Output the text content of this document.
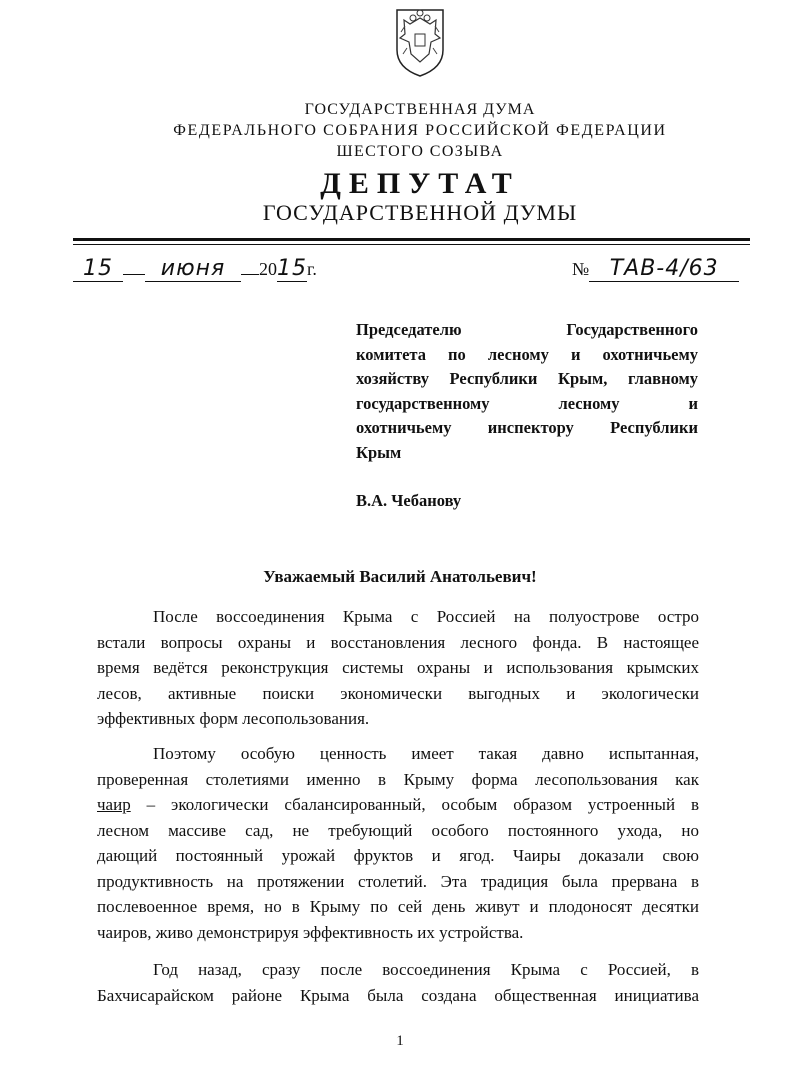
ГОСУДАРСТВЕННАЯ ДУМА
ФЕДЕРАЛЬНОГО СОБРАНИЯ РОССИЙСКОЙ ФЕДЕРАЦИИ
ШЕСТОГО СОЗЫВА
ДЕПУТАТ
ГОСУДАРСТВЕННОЙ ДУМЫ
15 июня 2015г.	№ ТАВ-4/63
Председателю Государственного
комитета по лесному и охотничьему
хозяйству Республики Крым, главному
государственному лесному и
охотничьему инспектору Республики
Крым
В.А. Чебанову
Уважаемый Василий Анатольевич!
После воссоединения Крыма с Россией на полуострове остро
встали вопросы охраны и восстановления лесного фонда. В настоящее
время ведётся реконструкция системы охраны и использования крымских
лесов, активные поиски экономически выгодных и экологически
эффективных форм лесопользования.
Поэтому особую ценность имеет такая давно испытанная,
проверенная столетиями именно в Крыму форма лесопользования как
чаир – экологически сбалансированный, особым образом устроенный в
лесном массиве сад, не требующий особого постоянного ухода, но
дающий постоянный урожай фруктов и ягод. Чаиры доказали свою
продуктивность на протяжении столетий. Эта традиция была прервана в
послевоенное время, но в Крыму по сей день живут и плодоносят десятки
чаиров, живо демонстрируя эффективность их устройства.
Год назад, сразу после воссоединения Крыма с Россией, в
Бахчисарайском районе Крыма была создана общественная инициатива
1
